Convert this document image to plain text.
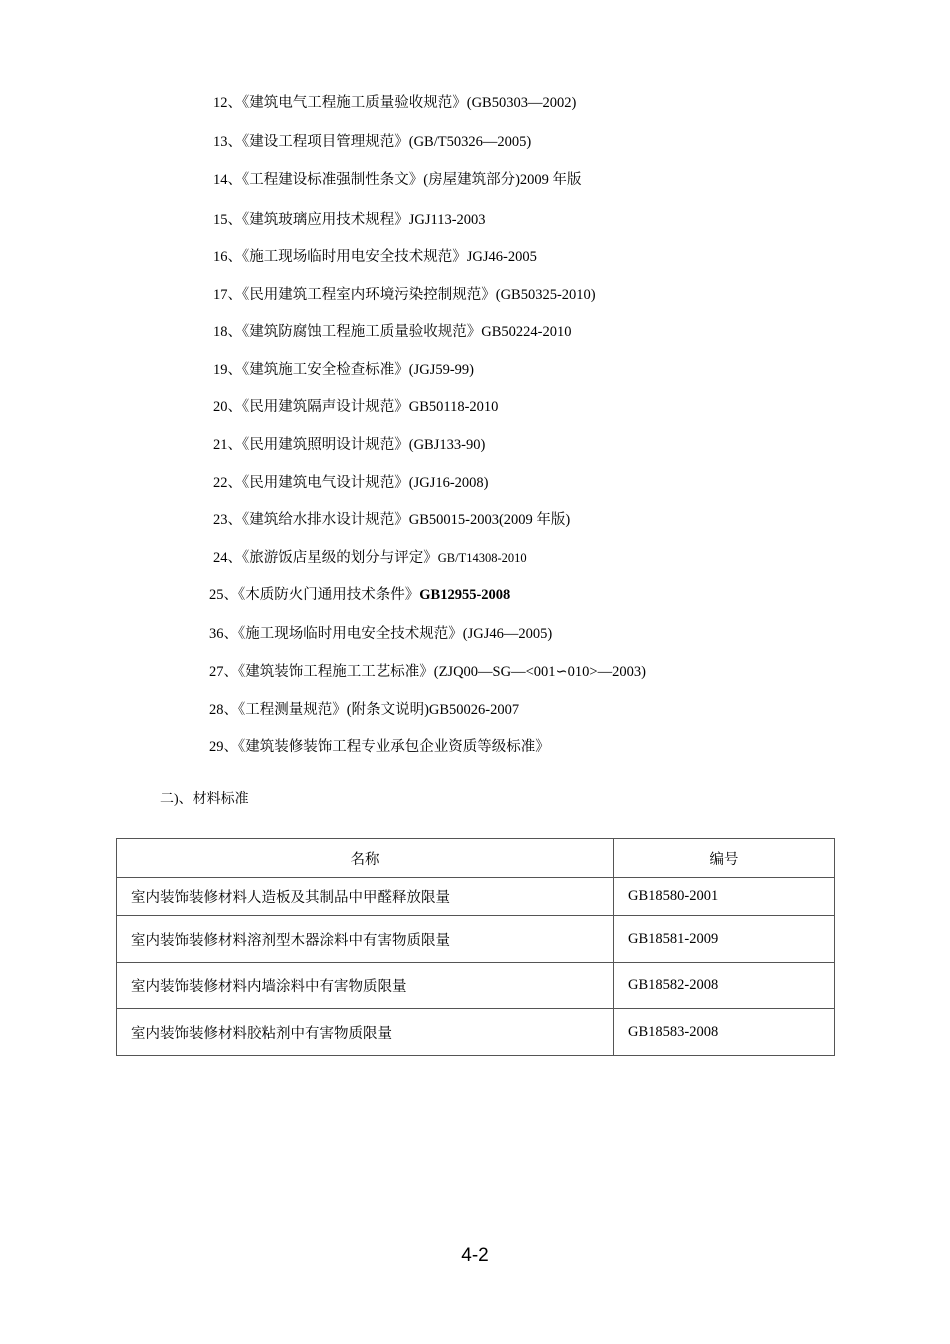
12、《建筑电气工程施工质量验收规范》(GB50303—2002)
13、《建设工程项目管理规范》(GB/T50326—2005)
14、《工程建设标准强制性条文》(房屋建筑部分)2009 年版
15、《建筑玻璃应用技术规程》JGJ113-2003
16、《施工现场临时用电安全技术规范》JGJ46-2005
17、《民用建筑工程室内环境污染控制规范》(GB50325-2010)
18、《建筑防腐蚀工程施工质量验收规范》GB50224-2010
19、《建筑施工安全检查标准》(JGJ59-99)
20、《民用建筑隔声设计规范》GB50118-2010
21、《民用建筑照明设计规范》(GBJ133-90)
22、《民用建筑电气设计规范》(JGJ16-2008)
23、《建筑给水排水设计规范》GB50015-2003(2009 年版)
24、《旅游饭店星级的划分与评定》GB/T14308-2010
25、《木质防火门通用技术条件》GB12955-2008
36、《施工现场临时用电安全技术规范》(JGJ46—2005)
27、《建筑装饰工程施工工艺标准》(ZJQ00—SG—<001∽010>—2003)
28、《工程测量规范》(附条文说明)GB50026-2007
29、《建筑装修装饰工程专业承包企业资质等级标准》
二)、材料标准
名称	编号
室内装饰装修材料人造板及其制品中甲醛释放限量	GB18580-2001
室内装饰装修材料溶剂型木器涂料中有害物质限量	GB18581-2009
室内装饰装修材料内墙涂料中有害物质限量	GB18582-2008
室内装饰装修材料胶粘剂中有害物质限量	GB18583-2008
4-2
